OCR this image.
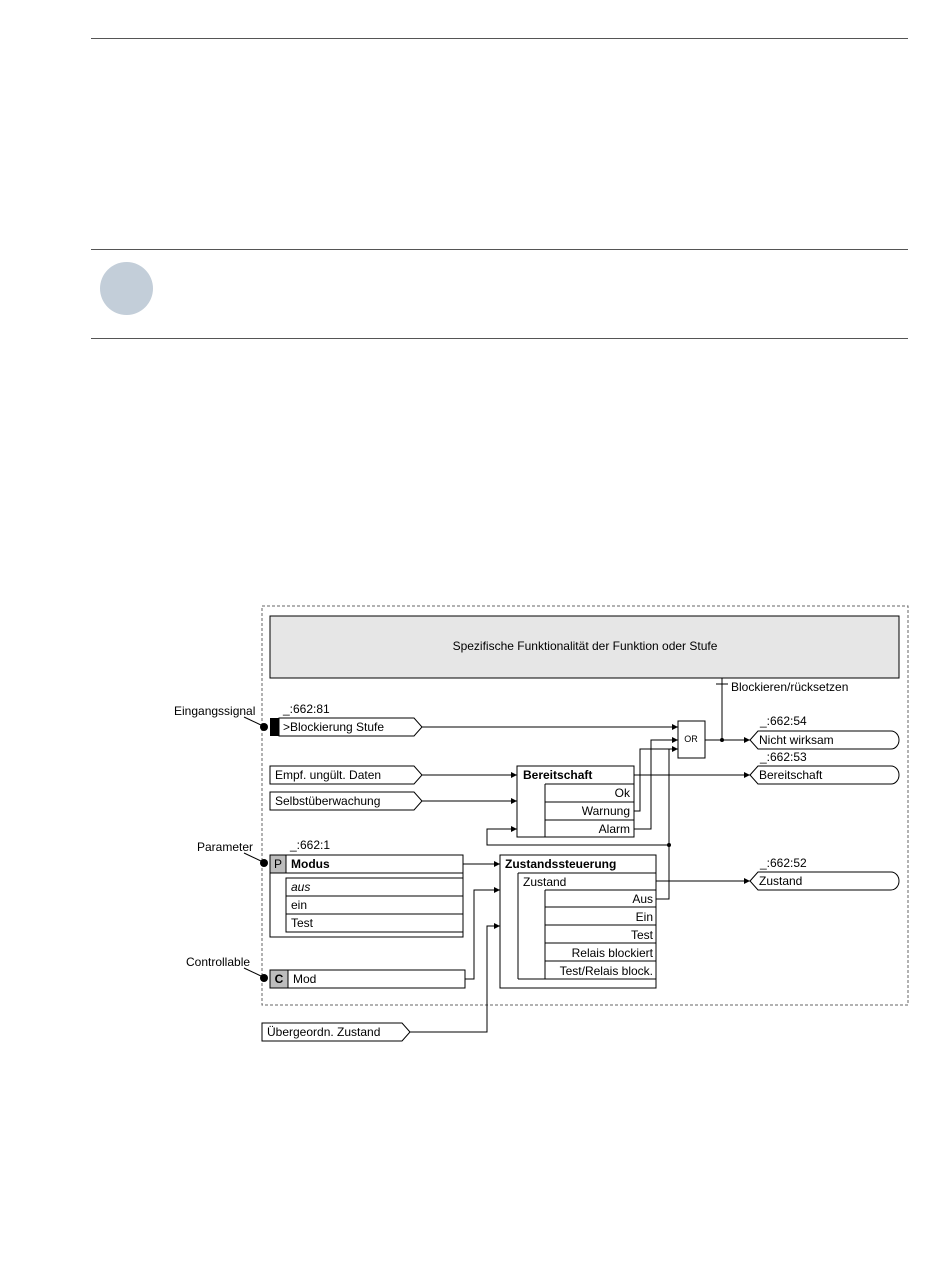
Spezifische Funktionalität der Funktion oder Stufe
Blockieren/rücksetzen
Eingangssignal
Parameter
Controllable
_:662:81
>Blockierung Stufe
OR
_:662:54
Nicht wirksam
Empf. ungült. Daten
Selbstüberwachung
Bereitschaft
Ok
Warnung
Alarm
_:662:53
Bereitschaft
_:662:1
P Modus
aus
ein
Test
C Mod
Zustandssteuerung
Zustand
Aus
Ein
Test
Relais blockiert
Test/Relais block.
_:662:52
Zustand
Übergeordn. Zustand
